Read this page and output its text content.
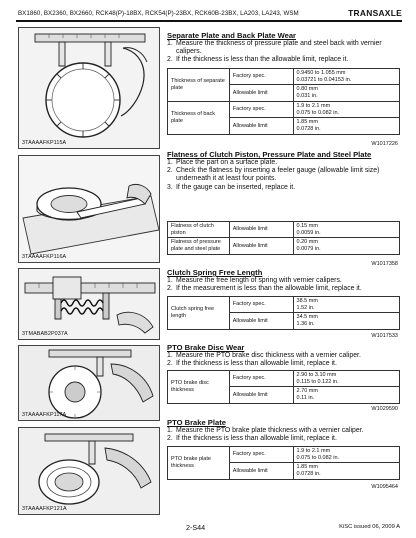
BX1860, BX2360, BX2660, RCK48(P)-18BX, RCK54(P)-23BX, RCK60B-23BX, LA203, LA243, WSM	TRANSAXLE
3TAAAAFKP115A
Separate Plate and Back Plate Wear
1. Measure the thickness of pressure plate and steel back with vernier calipers.
2. If the thickness is less than the allowable limit, replace it.
Thickness of separate plate	Factory spec.	0.9450 to 1.055 mm
0.03721 to 0.04153 in.

	Allowable limit	0.80 mm
0.031 in.

Thickness of back plate	Factory spec.	1.9 to 2.1 mm
0.075 to 0.082 in.

	Allowable limit	1.85 mm
0.0728 in.
W1017226
3TAAAAFKP116A
Flatness of Clutch Piston, Pressure Plate and Steel Plate
1. Place the part on a surface plate.
2. Check the flatness by inserting a feeler gauge (allowable limit size) underneath it at least four points.
3. If the gauge can be inserted, replace it.
Flatness of clutch piston	Allowable limit	0.15 mm
0.0059 in.

Flatness of pressure plate and steel plate	Allowable limit	0.20 mm
0.0079 in.
W1017358
3TMABAB2P037A
Clutch Spring Free Length
1. Measure the free length of spring with vernier calipers.
2. If the measurement is less than the allowable limit, replace it.
Clutch spring free length	Factory spec.	38.5 mm
1.52 in.

	Allowable limit	34.5 mm
1.36 in.
W1017533
3TAAAAFKP117A
PTO Brake Disc Wear
1. Measure the PTO brake disc thickness with a vernier caliper.
2. If the thickness is less than allowable limit, replace it.
PTO brake disc thickness	Factory spec.	2.90 to 3.10 mm
0.115 to 0.122 in.

	Allowable limit	2.70 mm
0.11 in.
W1029590
3TAAAAFKP121A
PTO Brake Plate
1. Measure the PTO brake plate thickness with a vernier caliper.
2. If the thickness is less than allowable limit, replace it.
PTO brake plate thickness	Factory spec.	1.9 to 2.1 mm
0.075 to 0.082 in.

	Allowable limit	1.85 mm
0.0728 in.
W1095464
2-S44	KiSC issued 06, 2009 A
